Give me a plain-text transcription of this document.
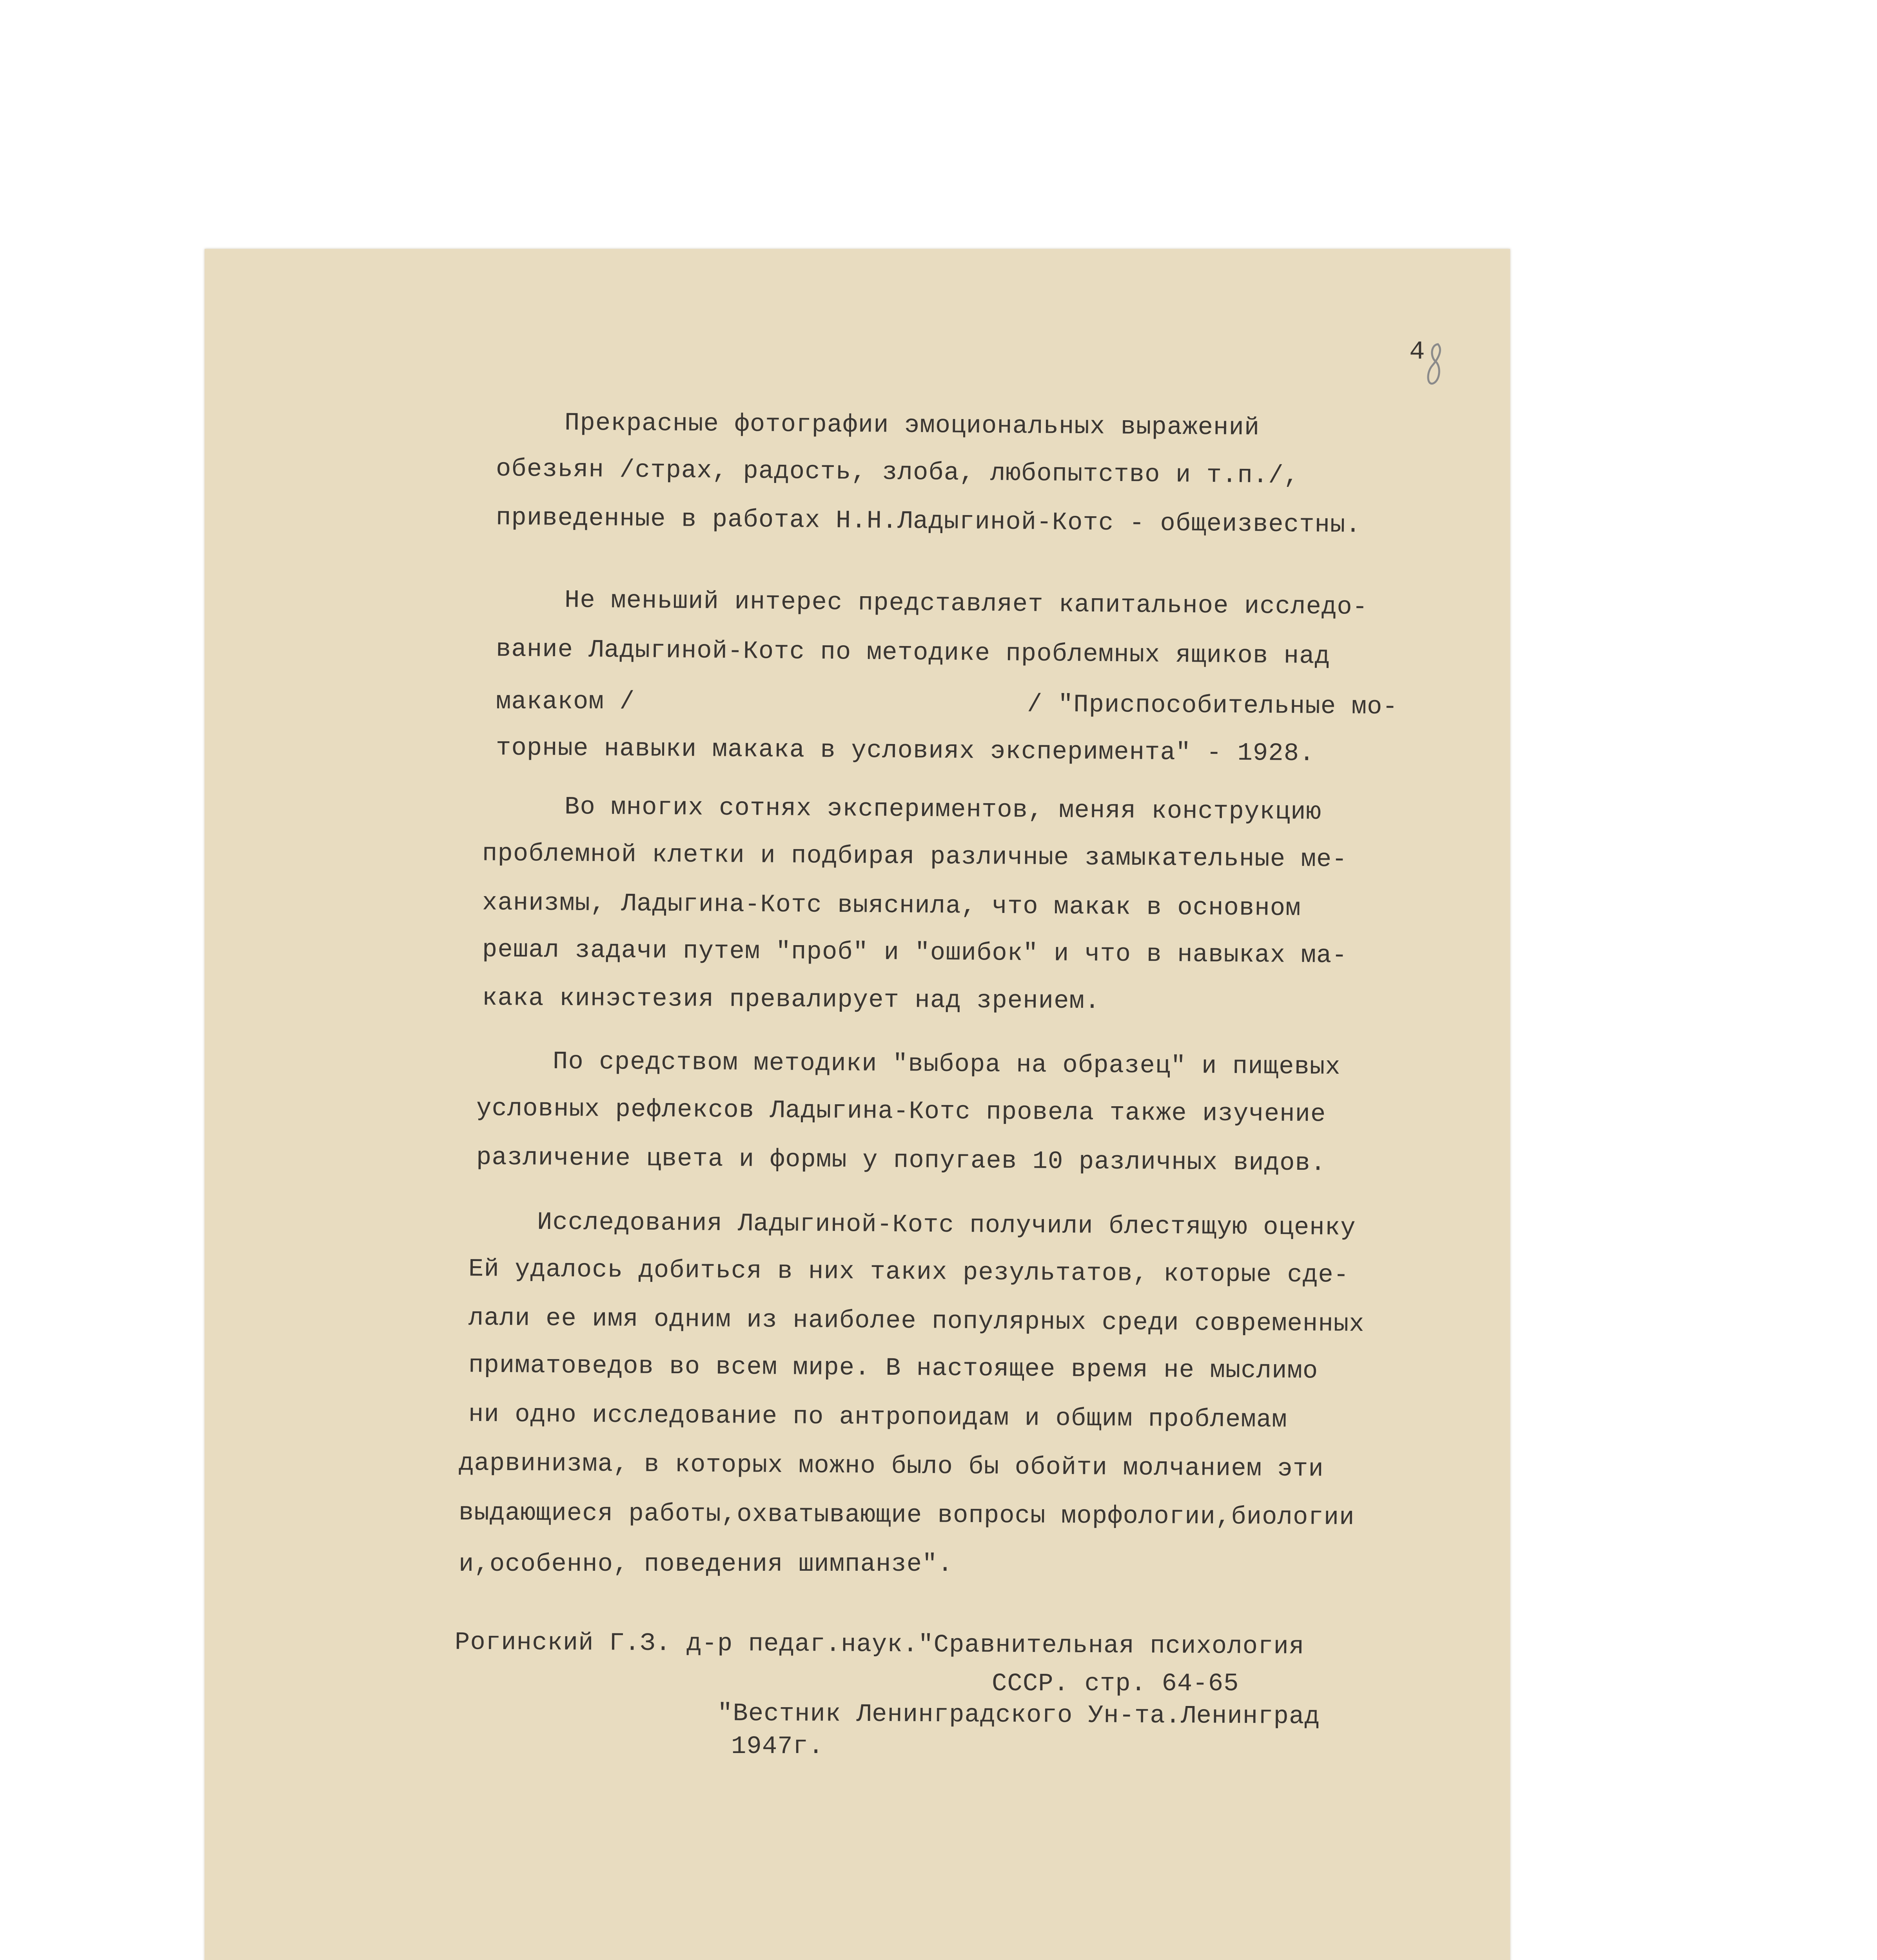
4
Прекрасные фотографии эмоциональных выражений
обезьян /страх, радость, злоба, любопытство и т.п./,
приведенные в работах Н.Н.Ладыгиной-Котс - общеизвестны.
Не меньший интерес представляет капитальное исследо-
вание Ладыгиной-Котс по методике проблемных ящиков над
макаком /	/ "Приспособительные мо-
торные навыки макака в условиях эксперимента" - 1928.
Во многих сотнях экспериментов, меняя конструкцию
проблемной клетки и подбирая различные замыкательные ме-
ханизмы, Ладыгина-Котс выяснила, что макак в основном
решал задачи путем "проб" и "ошибок" и что в навыках ма-
кака кинэстезия превалирует над зрением.
По средством методики "выбора на образец" и пищевых
условных рефлексов Ладыгина-Котс провела также изучение
различение цвета и формы у попугаев 10 различных видов.
Исследования Ладыгиной-Котс получили блестящую оценку
Ей удалось добиться в них таких результатов, которые сде-
лали ее имя одним из наиболее популярных среди современных
приматоведов во всем мире. В настоящее время не мыслимо
ни одно исследование по антропоидам и общим проблемам
дарвинизма, в которых можно было бы обойти молчанием эти
выдающиеся работы,охватывающие вопросы морфологии,биологии
и,особенно, поведения шимпанзе".
Рогинский Г.З. д-р педаг.наук."Сравнительная психология
СССР. стр. 64-65
"Вестник Ленинградского Ун-та.Ленинград
1947г.
